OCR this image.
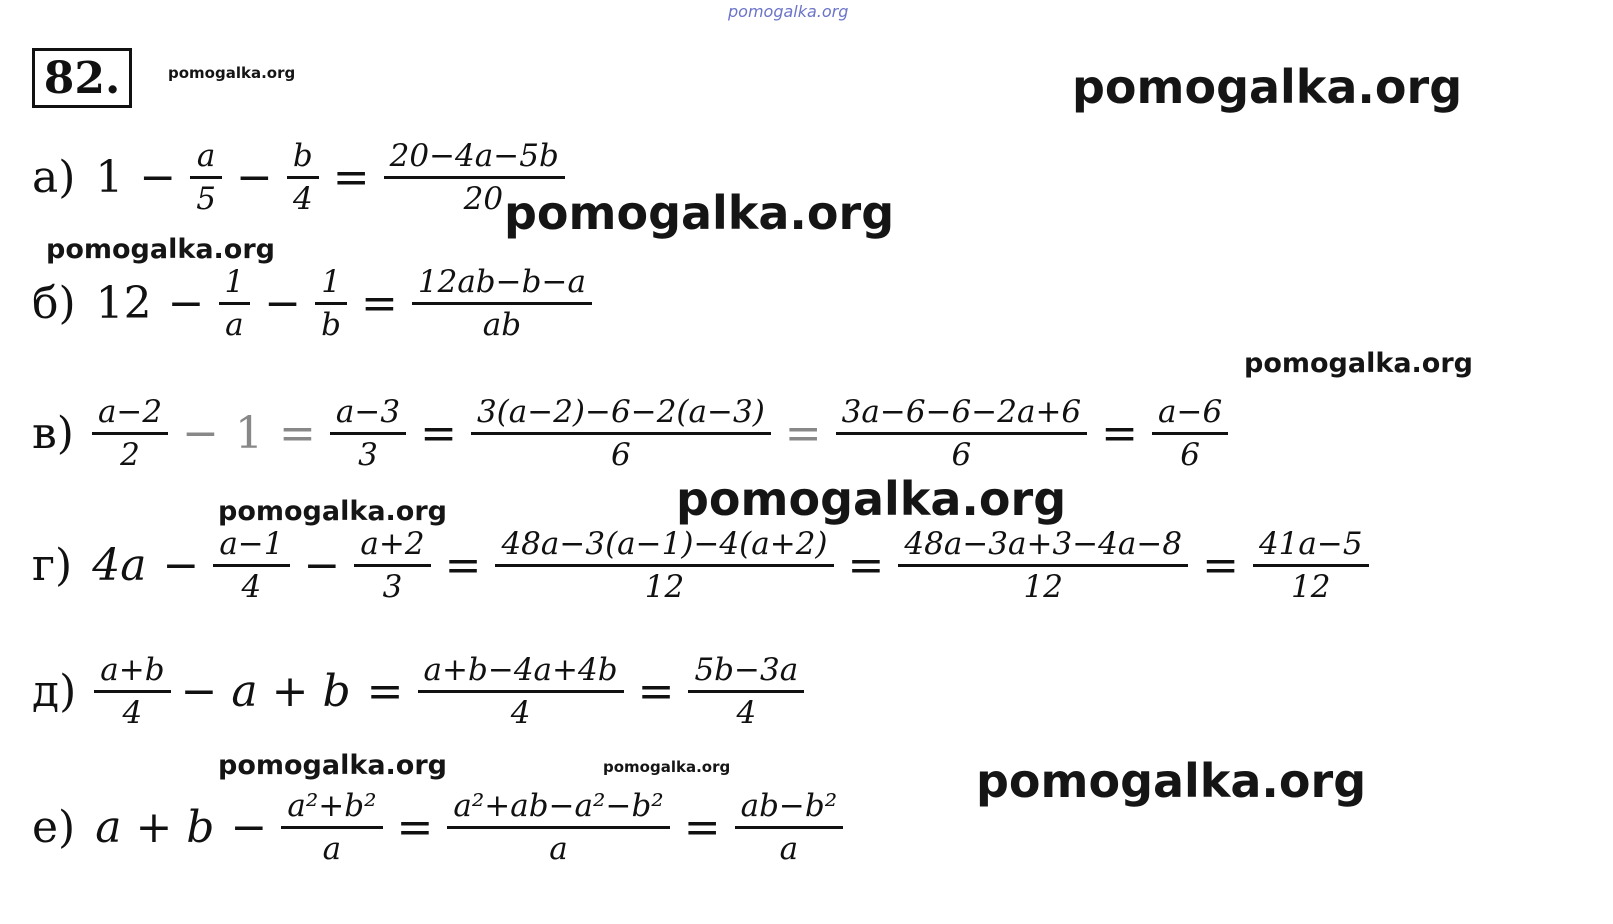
pomogalka.org
82.	pomogalka.org	pomogalka.org
а) $1 - \frac{a}{5} - \frac{b}{4} = \frac{20-4a-5b}{20}$
pomogalka.org
pomogalka.org
б) $12 - \frac{1}{a} - \frac{1}{b} = \frac{12ab-b-a}{ab}$
pomogalka.org
$в) \frac{a-2}{2} - 1 = \frac{a-3}{3} = \frac{3(a-2)-6-2(a-3)}{6} = \frac{3a-6-6-2a+6}{6} = \frac{a-6}{6}$
pomogalka.org
pomogalka.org
г) $4a - \frac{a-1}{4} - \frac{a+2}{3} = \frac{48a-3(a-1)-4(a+2)}{12} = \frac{48a-3a+3-4a-8}{12} = \frac{41a-5}{12}$
$д) \frac{a+b}{4} - a + b = \frac{a+b-4a+4b}{4} = \frac{5b-3a}{4}$
pomogalka.org	pomogalka.org	pomogalka.org
е) $a + b - \frac{\text{a²+b²}}{a} = \frac{\text{a²+ab−a²−b²}}{a} = \frac{\text{ab−b²}}{a}$
